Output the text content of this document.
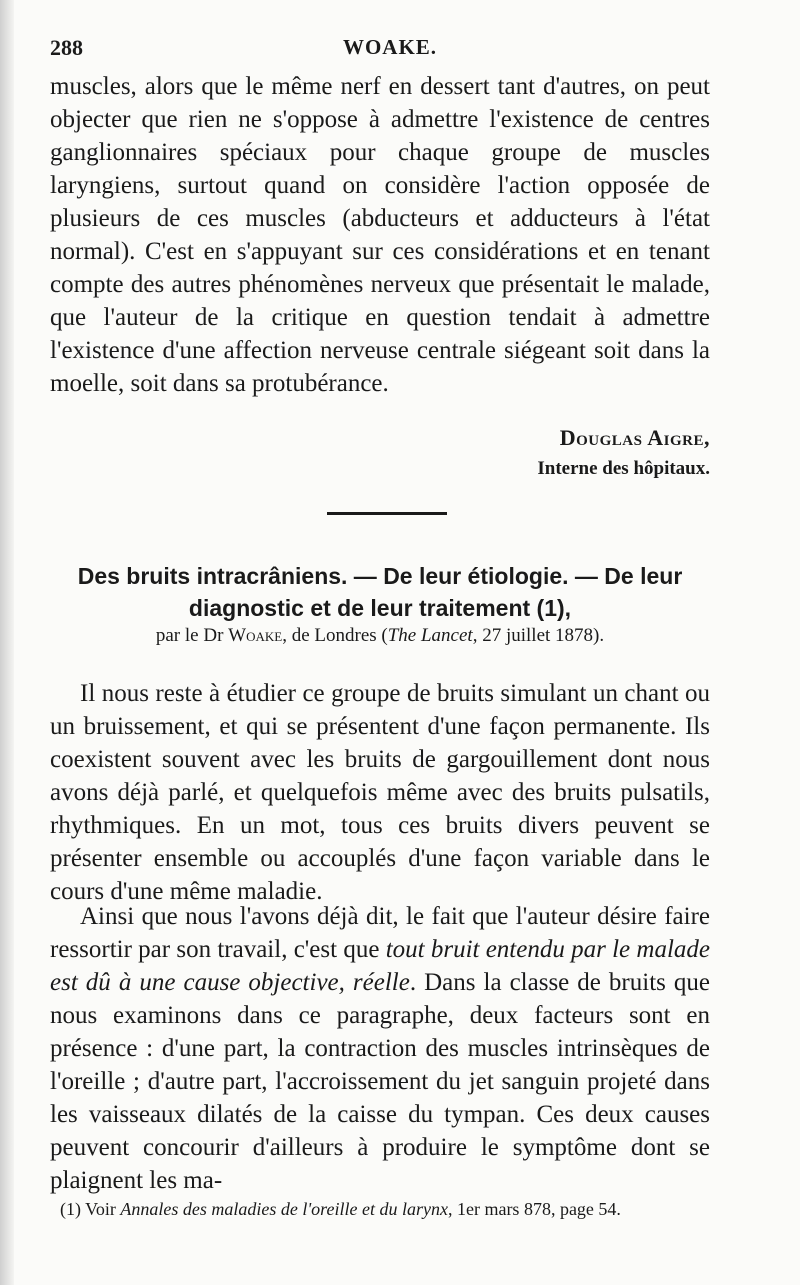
288	WOAKE.
muscles, alors que le même nerf en dessert tant d'autres, on peut objecter que rien ne s'oppose à admettre l'existence de centres ganglionnaires spéciaux pour chaque groupe de muscles laryngiens, surtout quand on considère l'action opposée de plusieurs de ces muscles (abducteurs et adducteurs à l'état normal). C'est en s'appuyant sur ces considérations et en tenant compte des autres phénomènes nerveux que présentait le malade, que l'auteur de la critique en question tendait à admettre l'existence d'une affection nerveuse centrale siégeant soit dans la moelle, soit dans sa protubérance.
Douglas Aigre,
Interne des hôpitaux.
Des bruits intracrâniens. — De leur étiologie. — De leur diagnostic et de leur traitement (1),
par le Dr Woake, de Londres (The Lancet, 27 juillet 1878).
Il nous reste à étudier ce groupe de bruits simulant un chant ou un bruissement, et qui se présentent d'une façon permanente. Ils coexistent souvent avec les bruits de gargouillement dont nous avons déjà parlé, et quelquefois même avec des bruits pulsatils, rhythmiques. En un mot, tous ces bruits divers peuvent se présenter ensemble ou accouplés d'une façon variable dans le cours d'une même maladie.
Ainsi que nous l'avons déjà dit, le fait que l'auteur désire faire ressortir par son travail, c'est que tout bruit entendu par le malade est dû à une cause objective, réelle. Dans la classe de bruits que nous examinons dans ce paragraphe, deux facteurs sont en présence : d'une part, la contraction des muscles intrinsèques de l'oreille ; d'autre part, l'accroissement du jet sanguin projeté dans les vaisseaux dilatés de la caisse du tympan. Ces deux causes peuvent concourir d'ailleurs à produire le symptôme dont se plaignent les ma-
(1) Voir Annales des maladies de l'oreille et du larynx, 1er mars 878, page 54.
